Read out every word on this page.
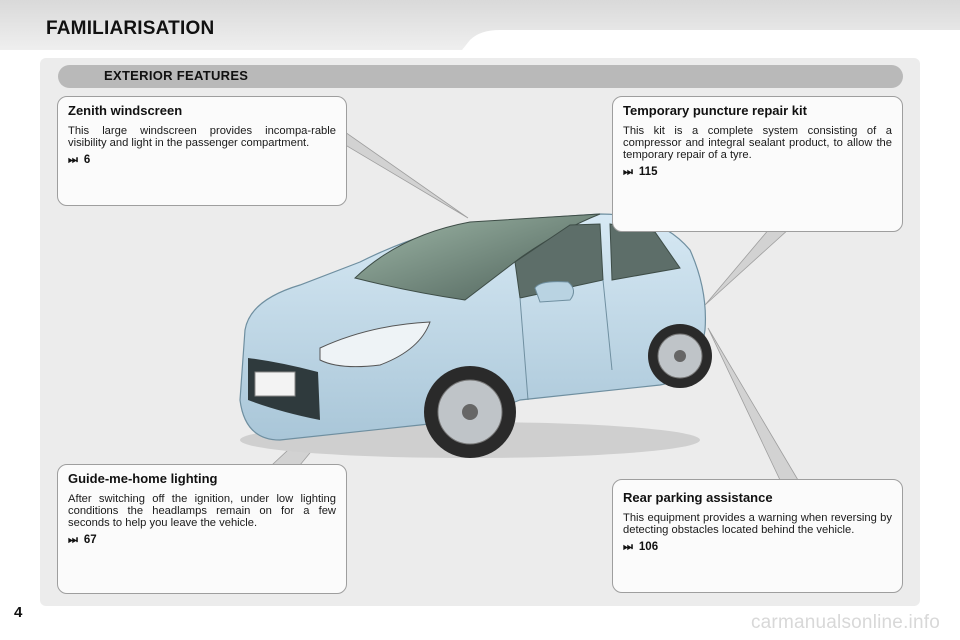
FAMILIARISATION
EXTERIOR FEATURES
Zenith windscreen

This large windscreen provides incompa-rable visibility and light in the passenger compartment.

⏭ 6
Temporary puncture repair kit

This kit is a complete system consisting of a compressor and integral sealant product, to allow the temporary repair of a tyre.

⏭ 115
Guide-me-home lighting

After switching off the ignition, under low lighting conditions the headlamps remain on for a few seconds to help you leave the vehicle.

⏭ 67
Rear parking assistance

This equipment provides a warning when reversing by detecting obstacles located behind the vehicle.

⏭ 106
4	carmanualsonline.info
